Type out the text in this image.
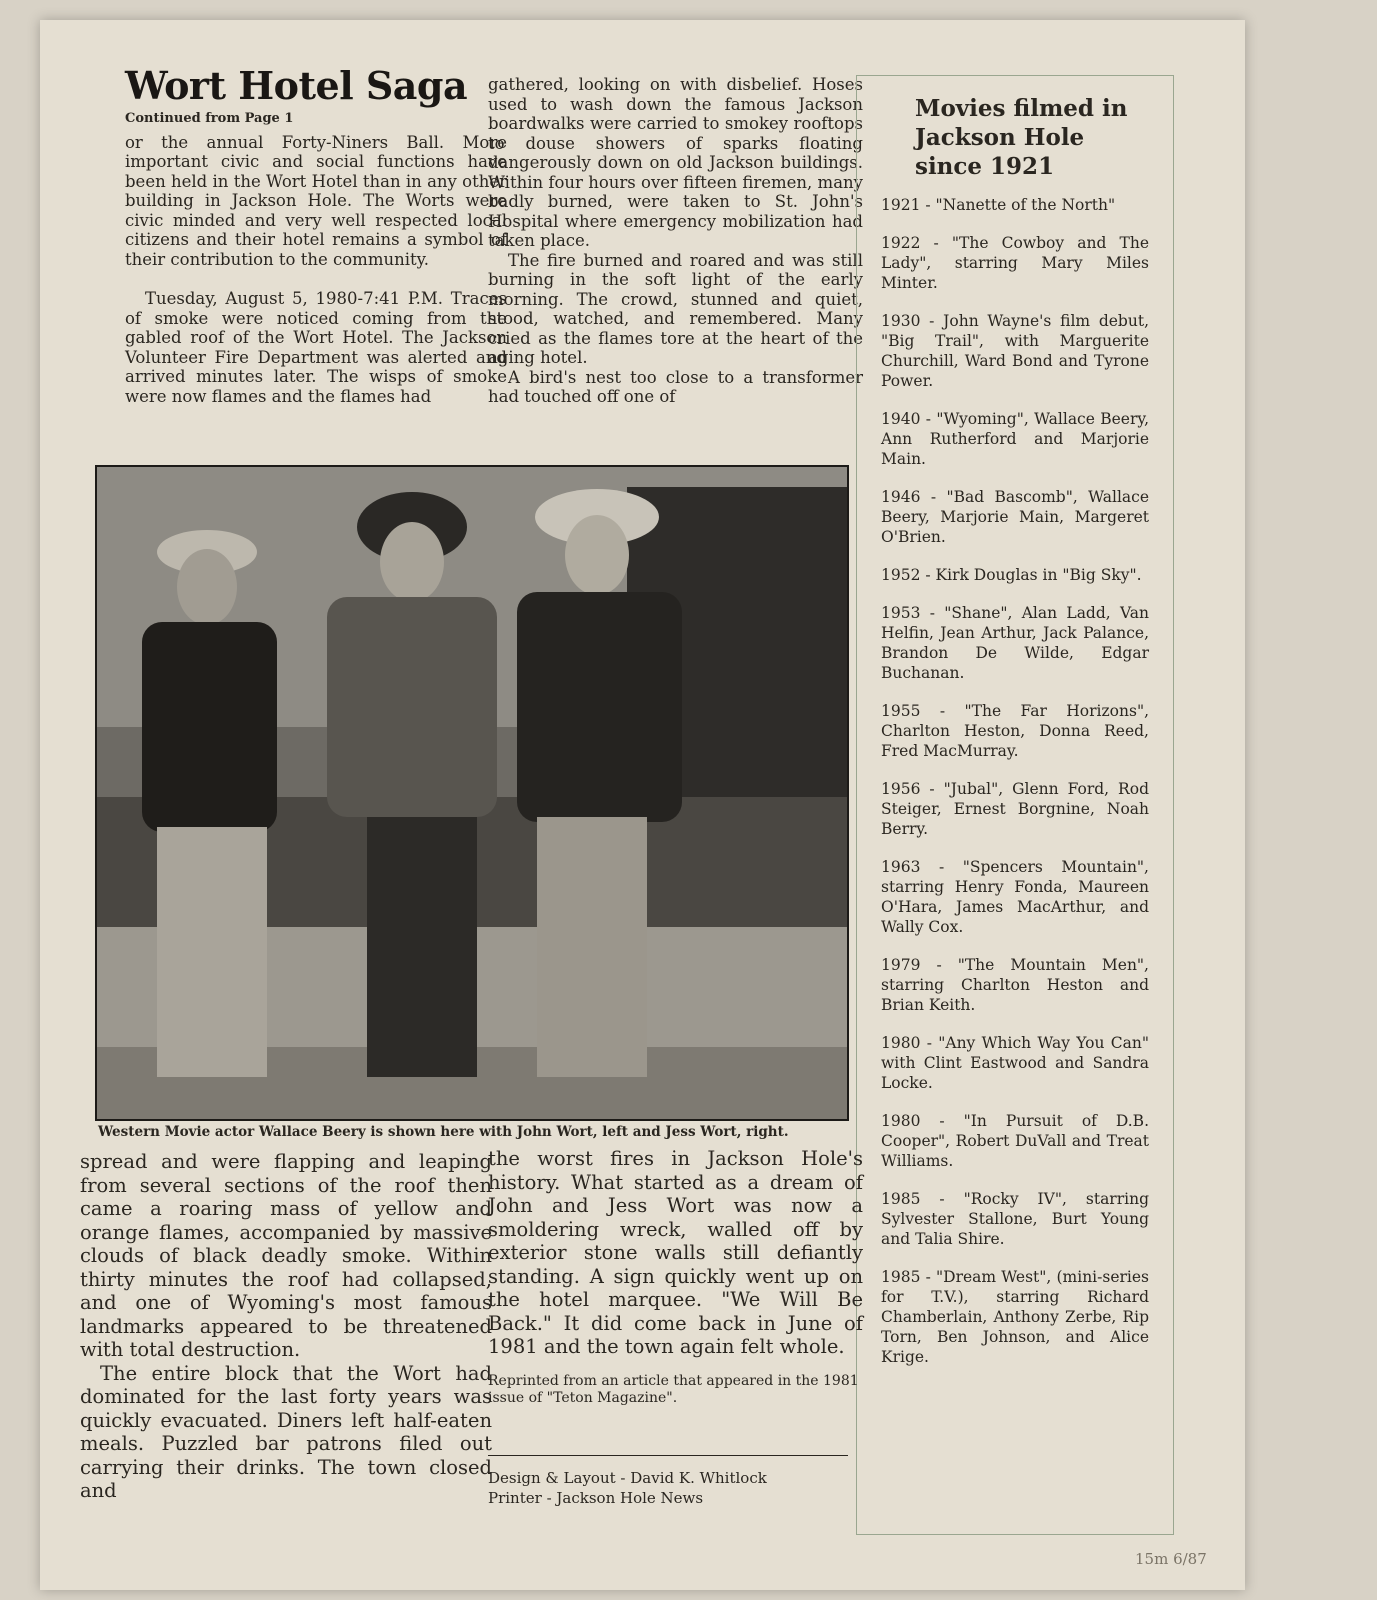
Wort Hotel Saga
Continued from Page 1

or the annual Forty-Niners Ball. More important civic and social functions have been held in the Wort Hotel than in any other building in Jackson Hole. The Worts were civic minded and very well respected local citizens and their hotel remains a symbol of their contribution to the community.

Tuesday, August 5, 1980-7:41 P.M. Traces of smoke were noticed coming from the gabled roof of the Wort Hotel. The Jackson Volunteer Fire Department was alerted and arrived minutes later. The wisps of smoke were now flames and the flames had

gathered, looking on with disbelief. Hoses used to wash down the famous Jackson boardwalks were carried to smokey rooftops to douse showers of sparks floating dangerously down on old Jackson buildings. Within four hours over fifteen firemen, many badly burned, were taken to St. John's Hospital where emergency mobilization had taken place.

The fire burned and roared and was still burning in the soft light of the early morning. The crowd, stunned and quiet, stood, watched, and remembered. Many cried as the flames tore at the heart of the aging hotel.

A bird's nest too close to a transformer had touched off one of

Movies filmed in
Jackson Hole
since 1921
1921 - "Nanette of the North"
1922 - "The Cowboy and The Lady", starring Mary Miles Minter.
1930 - John Wayne's film debut, "Big Trail", with Marguerite Churchill, Ward Bond and Tyrone Power.
1940 - "Wyoming", Wallace Beery, Ann Rutherford and Marjorie Main.
1946 - "Bad Bascomb", Wallace Beery, Marjorie Main, Margeret O'Brien.
1952 - Kirk Douglas in "Big Sky".
1953 - "Shane", Alan Ladd, Van Helfin, Jean Arthur, Jack Palance, Brandon De Wilde, Edgar Buchanan.
1955 - "The Far Horizons", Charlton Heston, Donna Reed, Fred MacMurray.
1956 - "Jubal", Glenn Ford, Rod Steiger, Ernest Borgnine, Noah Berry.
1963 - "Spencers Mountain", starring Henry Fonda, Maureen O'Hara, James MacArthur, and Wally Cox.
1979 - "The Mountain Men", starring Charlton Heston and Brian Keith.
1980 - "Any Which Way You Can" with Clint Eastwood and Sandra Locke.
1980 - "In Pursuit of D.B. Cooper", Robert DuVall and Treat Williams.
1985 - "Rocky IV", starring Sylvester Stallone, Burt Young and Talia Shire.
1985 - "Dream West", (mini-series for T.V.), starring Richard Chamberlain, Anthony Zerbe, Rip Torn, Ben Johnson, and Alice Krige.
Western Movie actor Wallace Beery is shown here with John Wort, left and Jess Wort, right.

spread and were flapping and leaping from several sections of the roof then came a roaring mass of yellow and orange flames, accompanied by massive clouds of black deadly smoke. Within thirty minutes the roof had collapsed, and one of Wyoming's most famous landmarks appeared to be threatened with total destruction.

The entire block that the Wort had dominated for the last forty years was quickly evacuated. Diners left half-eaten meals. Puzzled bar patrons filed out carrying their drinks. The town closed and

the worst fires in Jackson Hole's history. What started as a dream of John and Jess Wort was now a smoldering wreck, walled off by exterior stone walls still defiantly standing. A sign quickly went up on the hotel marquee. "We Will Be Back." It did come back in June of 1981 and the town again felt whole.

Reprinted from an article that appeared in the 1981 issue of "Teton Magazine".
Design & Layout - David K. Whitlock
Printer - Jackson Hole News
15m 6/87
